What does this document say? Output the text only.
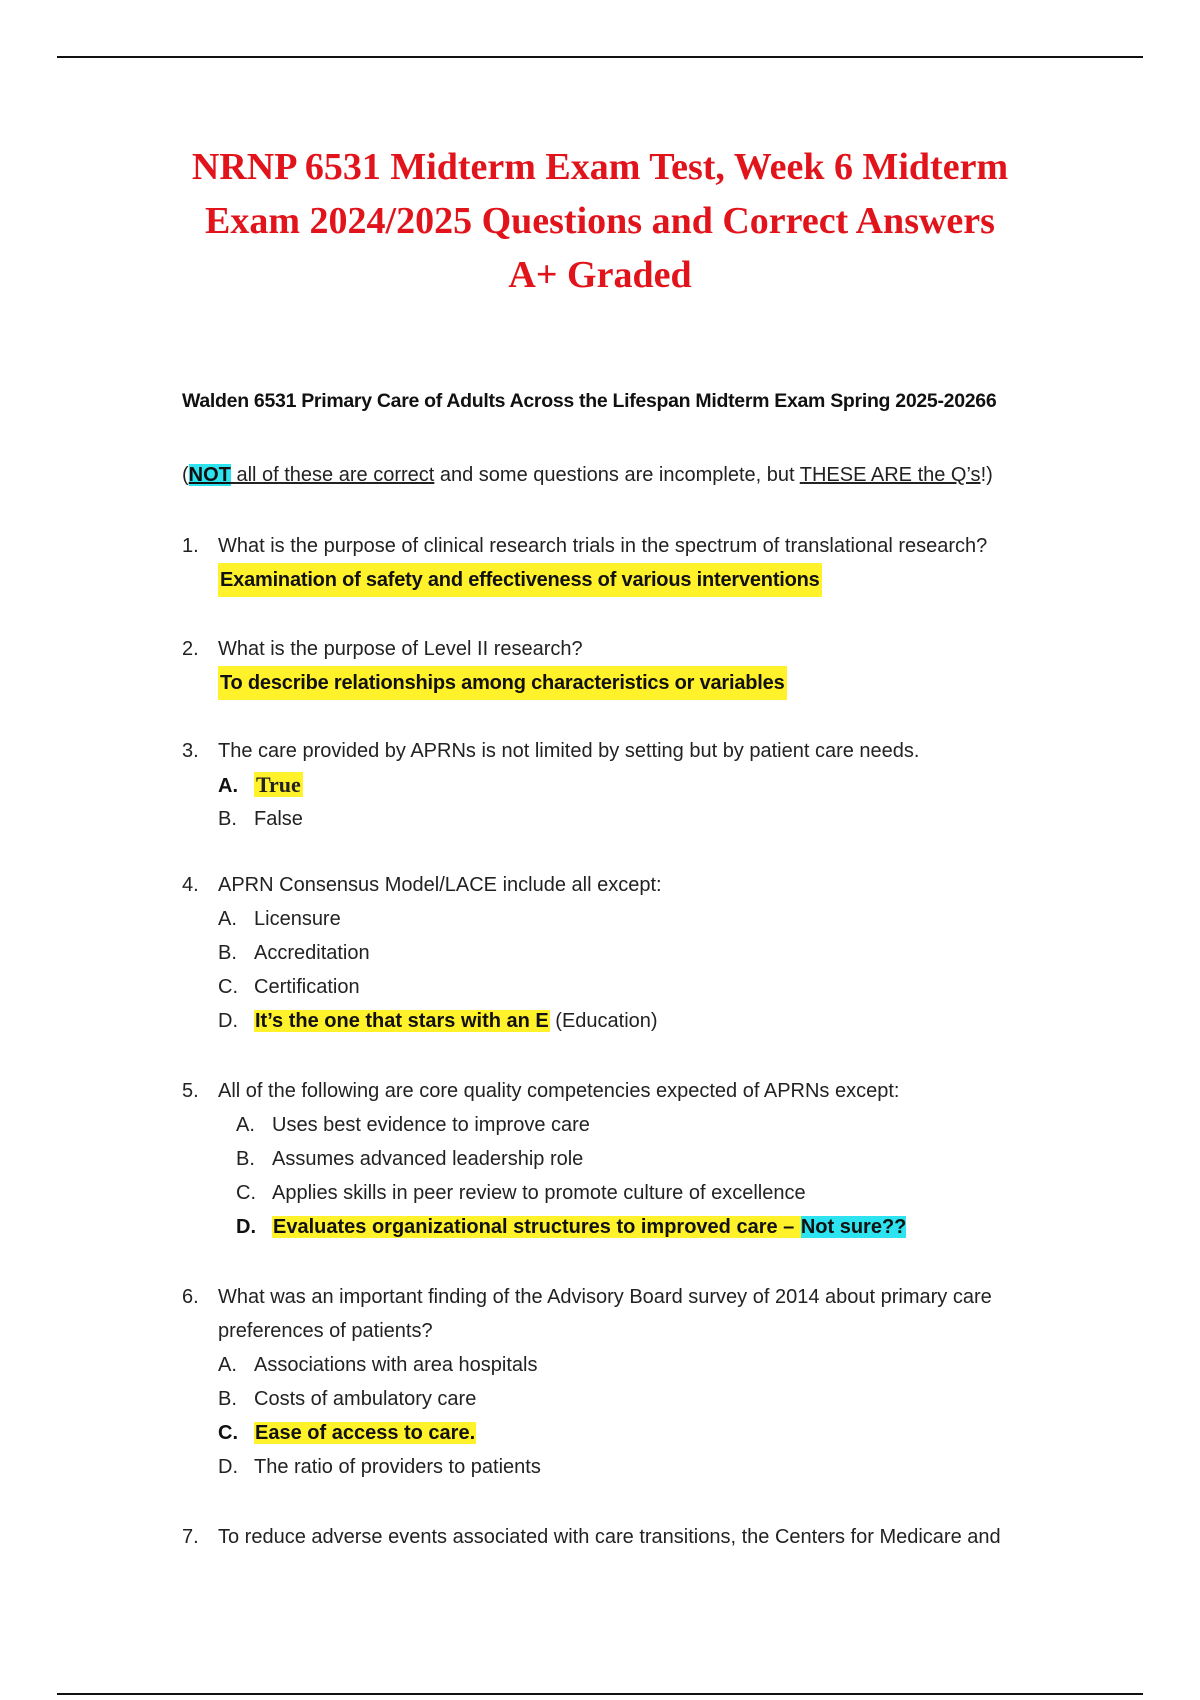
NRNP 6531 Midterm Exam Test, Week 6 Midterm
Exam 2024/2025 Questions and Correct Answers
A+ Graded
Walden 6531 Primary Care of Adults Across the Lifespan Midterm Exam Spring 2025-20266
(NOT all of these are correct and some questions are incomplete, but THESE ARE the Q’s!)
1. What is the purpose of clinical research trials in the spectrum of translational research?
Examination of safety and effectiveness of various interventions
2. What is the purpose of Level II research?
To describe relationships among characteristics or variables
3. The care provided by APRNs is not limited by setting but by patient care needs.
A. True
B. False
4. APRN Consensus Model/LACE include all except:
A. Licensure
B. Accreditation
C. Certification
D. It’s the one that stars with an E (Education)
5. All of the following are core quality competencies expected of APRNs except:
A. Uses best evidence to improve care
B. Assumes advanced leadership role
C. Applies skills in peer review to promote culture of excellence
D. Evaluates organizational structures to improved care – Not sure??
6. What was an important finding of the Advisory Board survey of 2014 about primary care preferences of patients?
A. Associations with area hospitals
B. Costs of ambulatory care
C. Ease of access to care.
D. The ratio of providers to patients
7. To reduce adverse events associated with care transitions, the Centers for Medicare and
